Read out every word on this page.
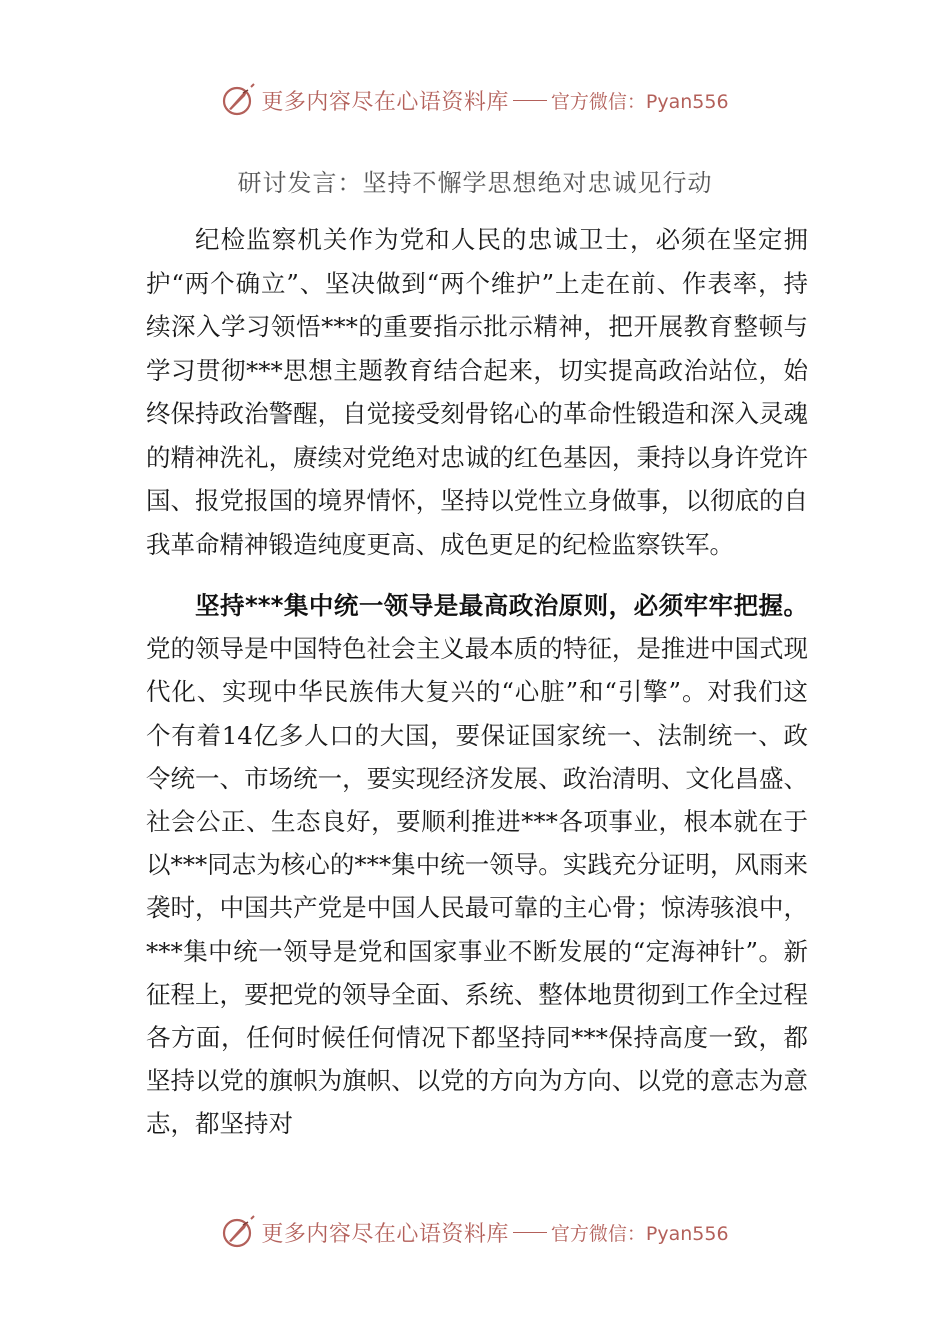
更多内容尽在心语资料库 官方微信：Pyan556
研讨发言：坚持不懈学思想绝对忠诚见行动

纪检监察机关作为党和人民的忠诚卫士，必须在坚定拥护“两个确立”、坚决做到“两个维护”上走在前、作表率，持续深入学习领悟***的重要指示批示精神，把开展教育整顿与学习贯彻***思想主题教育结合起来，切实提高政治站位，始终保持政治警醒，自觉接受刻骨铭心的革命性锻造和深入灵魂的精神洗礼，赓续对党绝对忠诚的红色基因，秉持以身许党许国、报党报国的境界情怀，坚持以党性立身做事，以彻底的自我革命精神锻造纯度更高、成色更足的纪检监察铁军。

坚持***集中统一领导是最高政治原则，必须牢牢把握。党的领导是中国特色社会主义最本质的特征，是推进中国式现代化、实现中华民族伟大复兴的“心脏”和“引擎”。对我们这个有着14亿多人口的大国，要保证国家统一、法制统一、政令统一、市场统一，要实现经济发展、政治清明、文化昌盛、社会公正、生态良好，要顺利推进***各项事业，根本就在于以***同志为核心的***集中统一领导。实践充分证明，风雨来袭时，中国共产党是中国人民最可靠的主心骨；惊涛骇浪中，***集中统一领导是党和国家事业不断发展的“定海神针”。新征程上，要把党的领导全面、系统、整体地贯彻到工作全过程各方面，任何时候任何情况下都坚持同***保持高度一致，都坚持以党的旗帜为旗帜、以党的方向为方向、以党的意志为意志，都坚持对

更多内容尽在心语资料库 官方微信：Pyan556
